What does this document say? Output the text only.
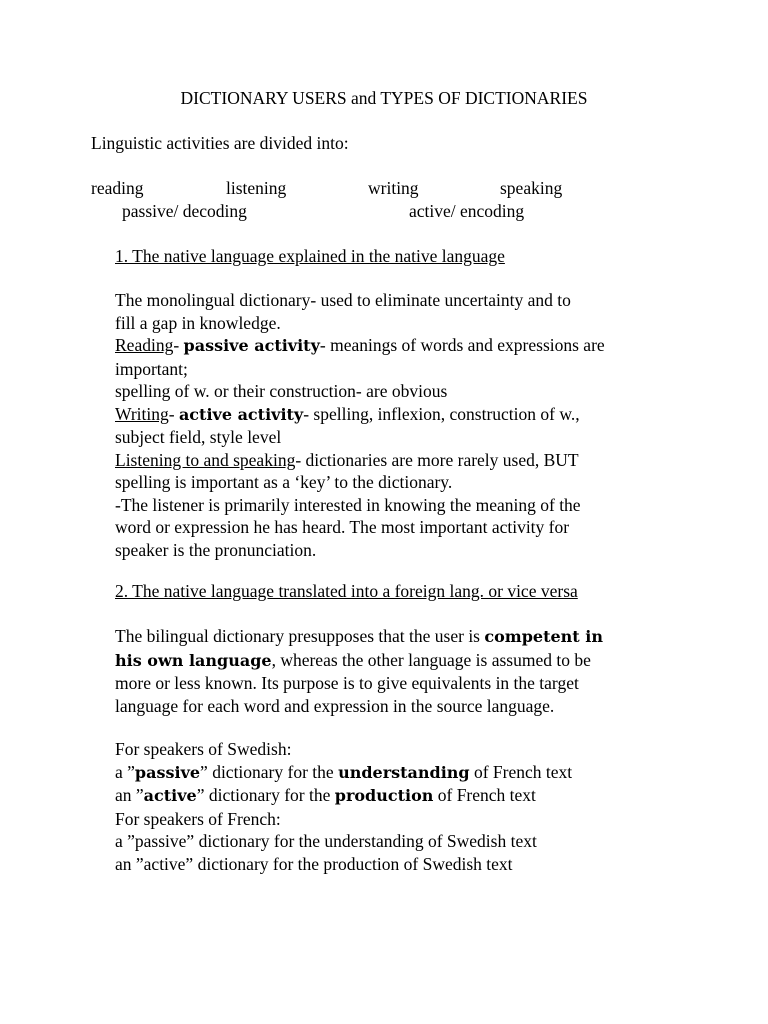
DICTIONARY USERS and TYPES OF DICTIONARIES
Linguistic activities are divided into:
reading	listening	writing	speaking
passive/ decoding	active/ encoding
1. The native language explained in the native language
The monolingual dictionary- used to eliminate uncertainty and to
fill a gap in knowledge.
Reading- passive activity- meanings of words and expressions are
important;
spelling of w. or their construction- are obvious
Writing- active activity- spelling, inflexion, construction of w.,
subject field, style level
Listening to and speaking- dictionaries are more rarely used, BUT
spelling is important as a ‘key’ to the dictionary.
-The listener is primarily interested in knowing the meaning of the
word or expression he has heard. The most important activity for
speaker is the pronunciation.
2. The native language translated into a foreign lang. or vice versa
The bilingual dictionary presupposes that the user is competent in
his own language, whereas the other language is assumed to be
more or less known. Its purpose is to give equivalents in the target
language for each word and expression in the source language.
For speakers of Swedish:
a ”passive” dictionary for the understanding of French text
an ”active” dictionary for the production of French text
For speakers of French:
a ”passive” dictionary for the understanding of Swedish text
an ”active” dictionary for the production of Swedish text
